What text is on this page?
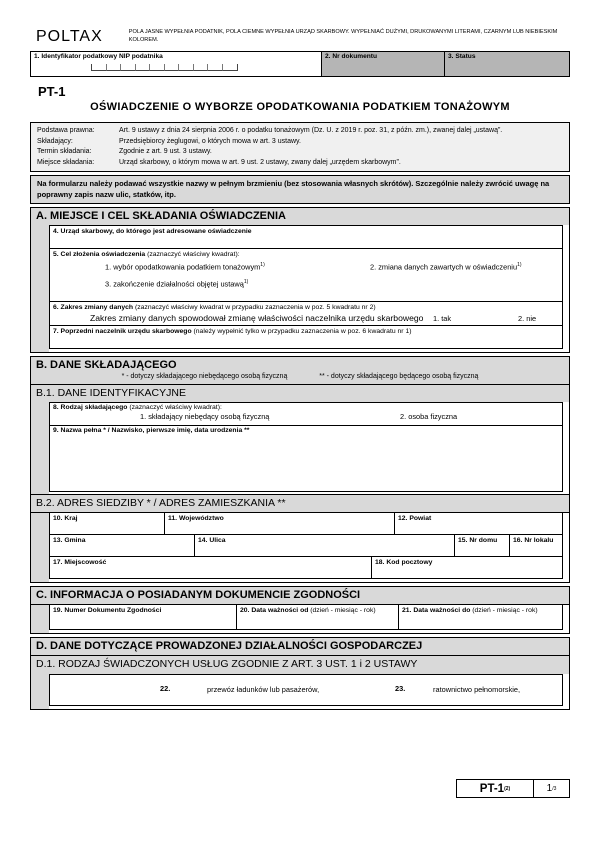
POLTAX	POLA JASNE WYPEŁNIA PODATNIK, POLA CIEMNE WYPEŁNIA URZĄD SKARBOWY. WYPEŁNIAĆ DUŻYMI, DRUKOWANYMI LITERAMI, CZARNYM LUB NIEBIESKIM KOLOREM.
1. Identyfikator podatkowy NIP podatnika	2. Nr dokumentu	3. Status
PT-1
OŚWIADCZENIE O WYBORZE OPODATKOWANIA PODATKIEM TONAŻOWYM
Podstawa prawna:	Art. 9 ustawy z dnia 24 sierpnia 2006 r. o podatku tonażowym (Dz. U. z 2019 r. poz. 31, z późn. zm.), zwanej dalej „ustawą”.
Składający:	Przedsiębiorcy żeglugowi, o których mowa w art. 3 ustawy.
Termin składania:	Zgodnie z art. 9 ust. 3 ustawy.
Miejsce składania:	Urząd skarbowy, o którym mowa w art. 9 ust. 2 ustawy, zwany dalej „urzędem skarbowym”.
Na formularzu należy podawać wszystkie nazwy w pełnym brzmieniu (bez stosowania własnych skrótów). Szczególnie należy zwrócić uwagę na poprawny zapis nazw ulic, statków, itp.
A. MIEJSCE I CEL SKŁADANIA OŚWIADCZENIA
4. Urząd skarbowy, do którego jest adresowane oświadczenie
5. Cel złożenia oświadczenia (zaznaczyć właściwy kwadrat):
1. wybór opodatkowania podatkiem tonażowym$^{1)}$	2. zmiana danych zawartych w oświadczeniu$^{1)}$
3. zakończenie działalności objętej ustawą$^{1)}$
6. Zakres zmiany danych (zaznaczyć właściwy kwadrat w przypadku zaznaczenia w poz. 5 kwadratu nr 2)
Zakres zmiany danych spowodował zmianę właściwości naczelnika urzędu skarbowego 1. tak	2. nie
7. Poprzedni naczelnik urzędu skarbowego (należy wypełnić tylko w przypadku zaznaczenia w poz. 6 kwadratu nr 1)
B. DANE SKŁADAJĄCEGO
* - dotyczy składającego niebędącego osobą fizyczną	** - dotyczy składającego będącego osobą fizyczną
B.1. DANE IDENTYFIKACYJNE
8. Rodzaj składającego (zaznaczyć właściwy kwadrat):
1. składający niebędący osobą fizyczną	2. osoba fizyczna
9. Nazwa pełna * / Nazwisko, pierwsze imię, data urodzenia **
B.2. ADRES SIEDZIBY * / ADRES ZAMIESZKANIA **
10. Kraj	11. Województwo	12. Powiat
13. Gmina	14. Ulica	15. Nr domu	16. Nr lokalu
17. Miejscowość	18. Kod pocztowy
C. INFORMACJA O POSIADANYM DOKUMENCIE ZGODNOŚCI
19. Numer Dokumentu Zgodności	20. Data ważności od (dzień - miesiąc - rok)	21. Data ważności do (dzień - miesiąc - rok)
D. DANE DOTYCZĄCE PROWADZONEJ DZIAŁALNOŚCI GOSPODARCZEJ
D.1. RODZAJ ŚWIADCZONYCH USŁUG ZGODNIE Z ART. 3 UST. 1 i 2 USTAWY
22.	przewóz ładunków lub pasażerów,	23.	ratownictwo pełnomorskie,
PT-1 (2)	1 /3
